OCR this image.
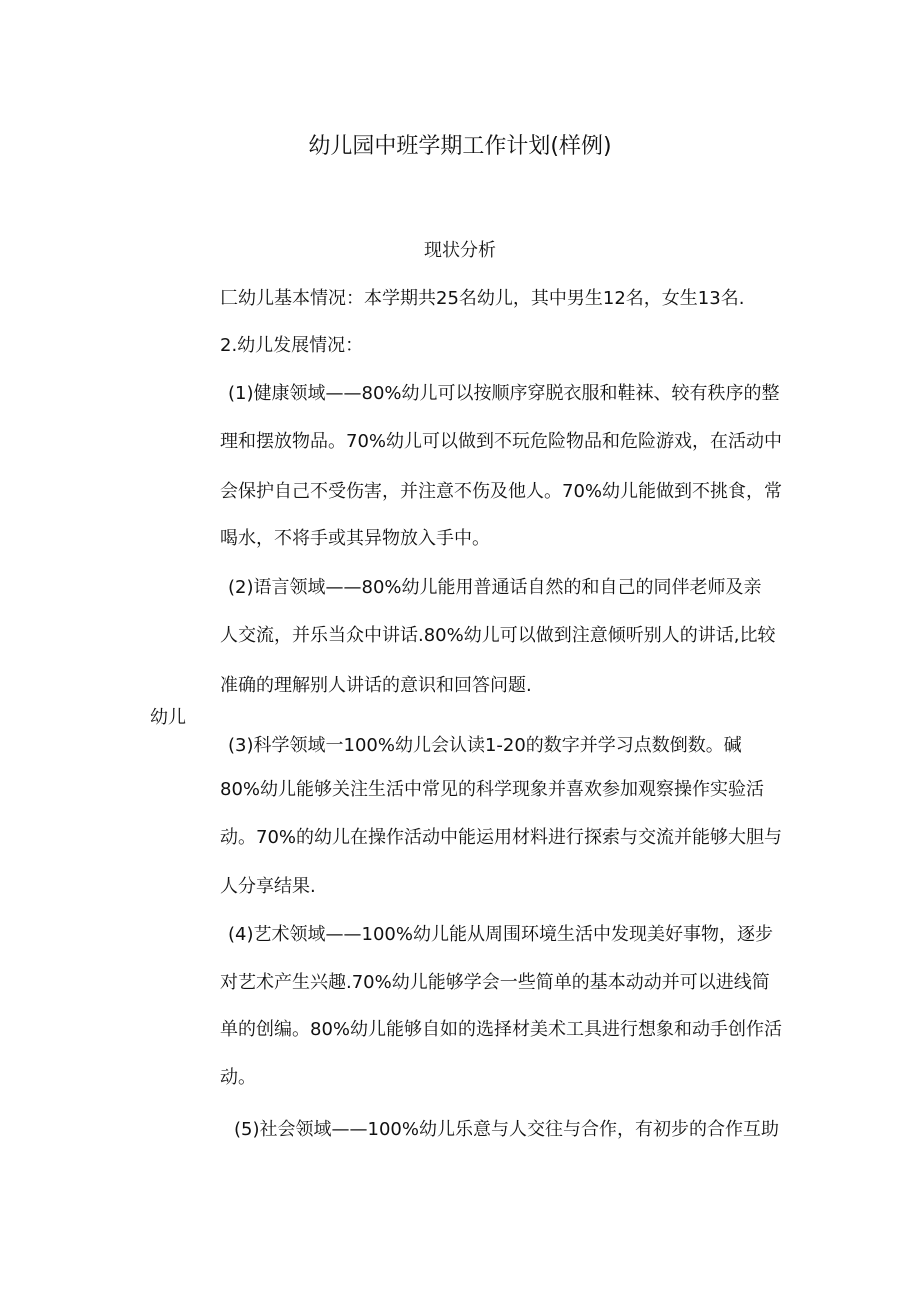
幼儿园中班学期工作计划(样例)
现状分析
幼儿
匚幼儿基本情况：本学期共25名幼儿，其中男生12名，女生13名.
2.幼儿发展情况：
(1)健康领域——80%幼儿可以按顺序穿脱衣服和鞋袜、较有秩序的整
理和摆放物品。70%幼儿可以做到不玩危险物品和危险游戏，在活动中
会保护自己不受伤害，并注意不伤及他人。70%幼儿能做到不挑食，常
喝水，不将手或其异物放入手中。
(2)语言领域——80%幼儿能用普通话自然的和自己的同伴老师及亲
人交流，并乐当众中讲话.80%幼儿可以做到注意倾听别人的讲话,比较
准确的理解别人讲话的意识和回答问题.
(3)科学领域一100%幼儿会认读1-20的数字并学习点数倒数。碱
80%幼儿能够关注生活中常见的科学现象并喜欢参加观察操作实验活
动。70%的幼儿在操作活动中能运用材料进行探索与交流并能够大胆与
人分享结果.
(4)艺术领域——100%幼儿能从周围环境生活中发现美好事物，逐步
对艺术产生兴趣.70%幼儿能够学会一些简单的基本动动并可以进线简
单的创编。80%幼儿能够自如的选择材美术工具进行想象和动手创作活
动。
(5)社会领域——100%幼儿乐意与人交往与合作，有初步的合作互助
